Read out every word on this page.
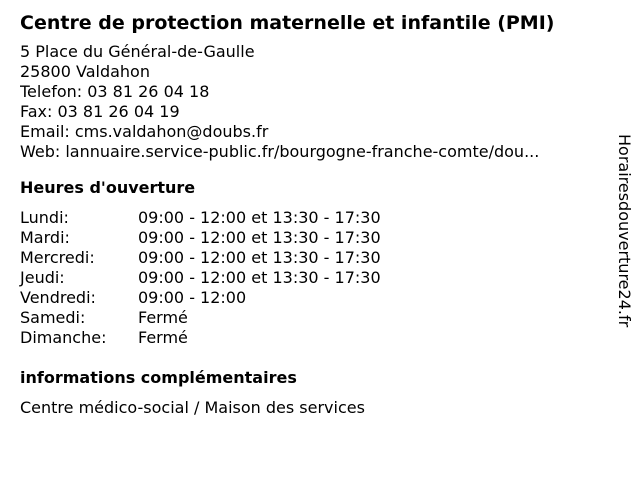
Centre de protection maternelle et infantile (PMI)
5 Place du Général-de-Gaulle
25800 Valdahon
Telefon: 03 81 26 04 18
Fax: 03 81 26 04 19
Email: cms.valdahon@doubs.fr
Web: lannuaire.service-public.fr/bourgogne-franche-comte/dou...
Heures d'ouverture
Lundi:	09:00 - 12:00 et 13:30 - 17:30
Mardi:	09:00 - 12:00 et 13:30 - 17:30
Mercredi:	09:00 - 12:00 et 13:30 - 17:30
Jeudi:	09:00 - 12:00 et 13:30 - 17:30
Vendredi:	09:00 - 12:00
Samedi:	Fermé
Dimanche:	Fermé
informations complémentaires
Centre médico-social / Maison des services
Horairesdouverture24.fr
